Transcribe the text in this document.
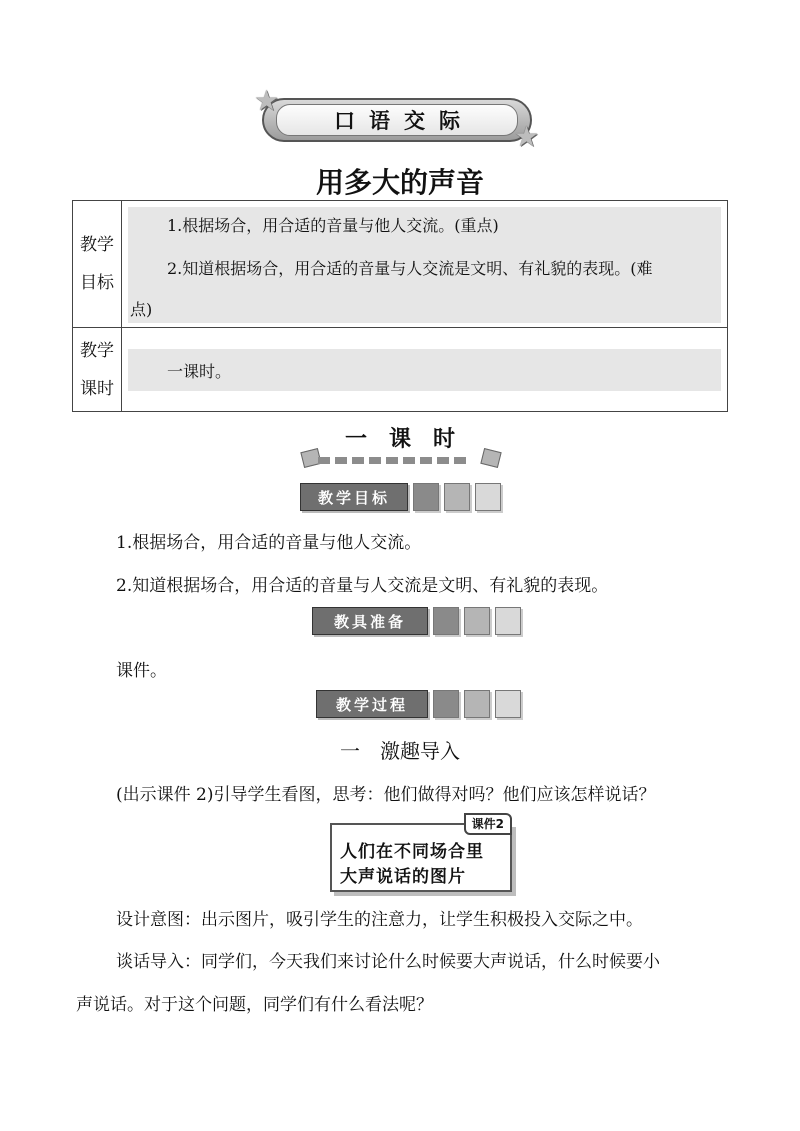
口语交际
★
★
用多大的声音
教学
目标
1.根据场合，用合适的音量与他人交流。(重点)
2.知道根据场合，用合适的音量与人交流是文明、有礼貌的表现。(难
点)
教学
课时
一课时。
一课时
教学目标
1.根据场合，用合适的音量与他人交流。
2.知道根据场合，用合适的音量与人交流是文明、有礼貌的表现。
教具准备
课件。
教学过程
一　激趣导入
(出示课件 2)引导学生看图，思考：他们做得对吗？他们应该怎样说话？
课件2
人们在不同场合里
大声说话的图片
设计意图：出示图片，吸引学生的注意力，让学生积极投入交际之中。
谈话导入：同学们，今天我们来讨论什么时候要大声说话，什么时候要小
声说话。对于这个问题，同学们有什么看法呢？
